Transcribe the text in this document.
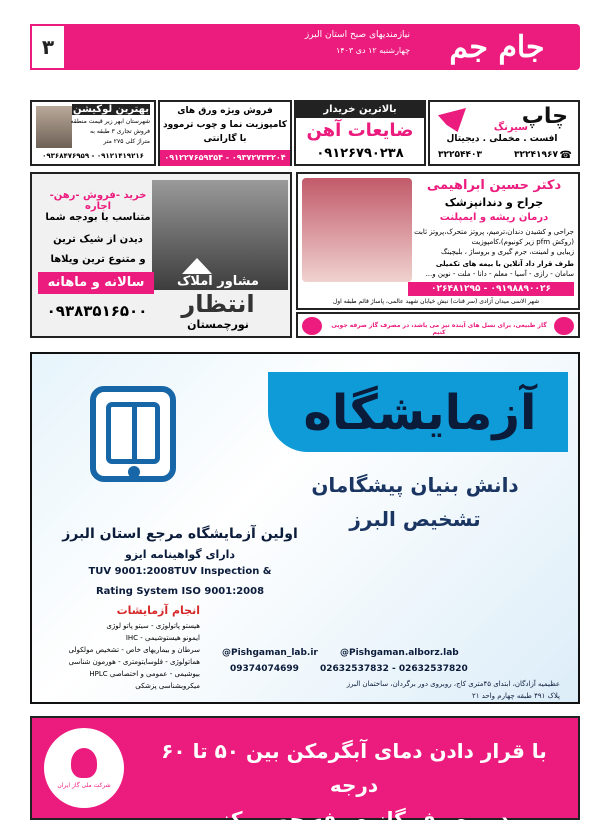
۳	جام جم
نیازمندیهای صبح استان البرز
چهارشنبه ۱۲ دی ۱۴۰۳
چاپ
سیرنگ
افست . مخملی . دیجیتال
☎
۳۲۲۴۱۹۶۷
۳۲۲۵۴۴۰۳
بالاترین خریدار
ضایعات آهن
۰۹۱۲۶۷۹۰۲۳۸
فروش ویژه ورق های
کامپوزیت نما و چوب ترموود
با گارانتی
۰۹۳۷۲۷۳۳۲۰۴ - ۰۹۱۲۲۷۶۵۹۳۵۴
بهترین لوکیشن
شهرستان ابهر زیر قیمت منطقه
فروش تجاری ۳ طبقه به
متراژ کلی ۲۷۵ متر
۰۹۱۲۱۴۱۹۲۱۶ - ۰۹۳۶۸۴۷۶۹۵۹
مشاور املاک
انتظار
نورچمستان
خرید -فروش -رهن- اجاره
متناسب با بودجه شما
دیدن از شیک ترین
و متنوع ترین ویلاها
سالانه و ماهانه
۰۹۳۸۳۵۱۶۵۰۰
دکتر حسین ابراهیمی
جراح و دندانپزشک
درمان ریشه و ایمپلنت
جراحی و کشیدن دندان،ترمیم، پروتز متحرک،پروتز ثابت
(روکش pfm زیر کونیوم)،کامپوزیت
زیبایی و لمینت، جرم گیری و بروساژ ، بلیچینگ
طرف قرار داد آنلاین با بیمه های تکمیلی
سامان - رازی - آسیا - معلم - دانا - ملت - نوین و...
۰۹۱۹۸۸۹۰۰۲۶ - ۰۲۶۴۸۱۲۹۵
شهر الاسی میدان آزادی (سر قنات) نبش خیابان شهید عالمی، پاساژ قائم طبقه اول
گاز طبیعی، برای نسل های آینده نیز می باشد، در مصرف گاز صرفه جویی کنیم
آزمایشگاه
دانش بنیان پیشگامان
تشخیص البرز
اولین آزمایشگاه مرجع استان البرز
دارای گواهینامه ایزو
TUV 9001:2008TUV Inspection &
Rating System ISO 9001:2008
انجام آزمایشات
هیستو پاتولوژی - سیتو پاتو لوژی
ایمونو هیستوشیمی - IHC
سرطان و بیماریهای خاص - تشخیص مولکولی
هماتولوژی - فلوسایتومتری - هورمون شناسی
بیوشیمی - عمومی و اختصاصی HPLC
میکروبشناسی پزشکی
@Pishgaman.alborz.lab
@Pishgaman_lab.ir
02632537832 - 02632537820
09374074699
عظیمیه آزادگان، ابتدای ۴۵متری کاج، روبروی دور برگردان، ساختمان البرز
پلاک ۴۹۱ طبقه چهارم واحد ۲۱
با قرار دادن دمای آبگرمکن بین ۵۰ تا ۶۰ درجه
در مصرف گاز صرفه جویی کنیم
شرکت ملی گاز ایران
